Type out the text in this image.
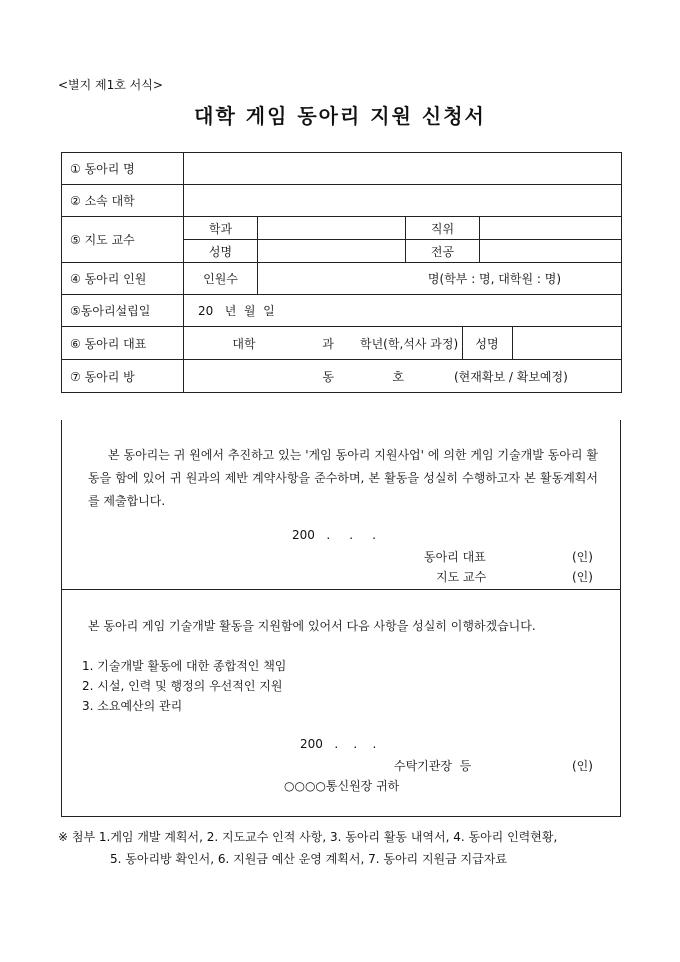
<별지 제1호 서식>
대학 게임 동아리 지원 신청서
① 동아리 명	
② 소속 대학	
⑤ 지도 교수	학과		직위	
성명		전공	
④ 동아리 인원	인원수	명(학부 : 명, 대학원 : 명)
⑤동아리설립일	20   년  월  일
⑥ 동아리 대표		대학	과	학년(학,석사 과정)	성명	

⑦ 동아리 방		동	호		(현재확보 / 확보예정)
본 동아리는 귀 원에서 추진하고 있는 '게임 동아리 지원사업' 에 의한 게임 기술개발 동아리 활동을 함에 있어 귀 원과의 제반 계약사항을 준수하며, 본 활동을 성실히 수행하고자 본 활동계획서를 제출합니다.
200   .     .     .
동아리 대표	(인)
지도 교수	(인)
본 동아리 게임 기술개발 활동을 지원함에 있어서 다음 사항을 성실히 이행하겠습니다.
1. 기술개발 활동에 대한 종합적인 책임
2. 시설, 인력 및 행정의 우선적인 지원
3. 소요예산의 관리
200   .    .    .
수탁기관장  등	(인)
○○○○통신원장 귀하
※ 첨부 1.게임 개발 계획서, 2. 지도교수 인적 사항, 3. 동아리 활동 내역서, 4. 동아리 인력현황,
5. 동아리방 확인서, 6. 지원금 예산 운영 계획서, 7. 동아리 지원금 지급자료
